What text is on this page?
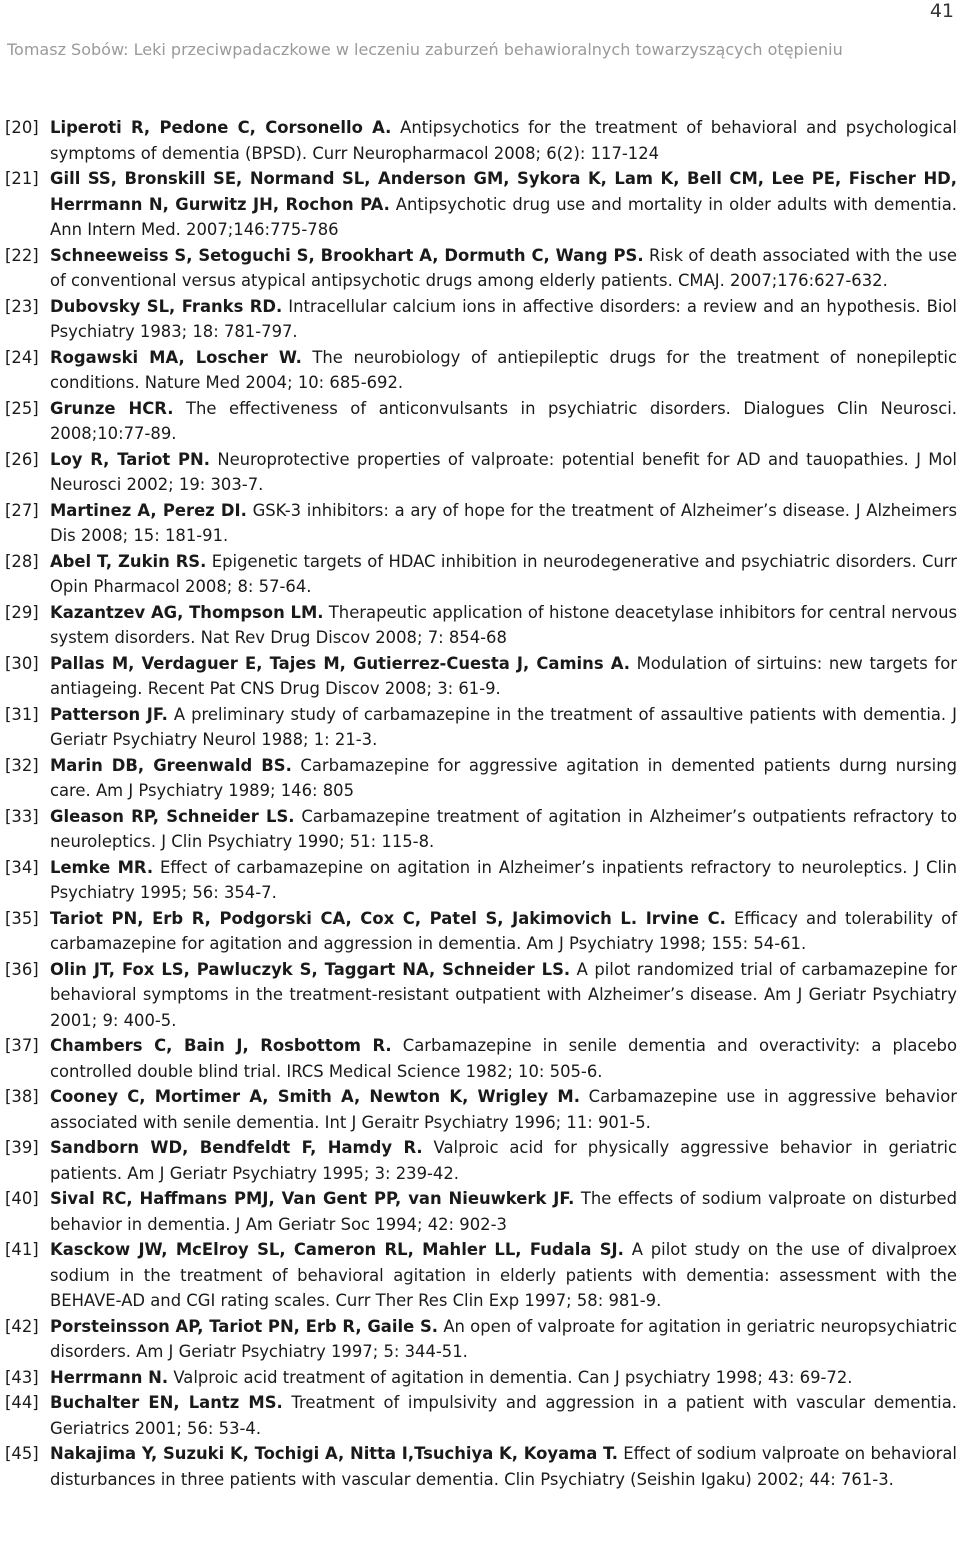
41
Tomasz Sobów: Leki przeciwpadaczkowe w leczeniu zaburzeń behawioralnych towarzyszących otępieniu
[20] Liperoti R, Pedone C, Corsonello A. Antipsychotics for the treatment of behavioral and psychological symptoms of dementia (BPSD). Curr Neuropharmacol 2008; 6(2): 117-124
[21] Gill SS, Bronskill SE, Normand SL, Anderson GM, Sykora K, Lam K, Bell CM, Lee PE, Fischer HD, Herrmann N, Gurwitz JH, Rochon PA. Antipsychotic drug use and mortality in older adults with dementia. Ann Intern Med. 2007;146:775-786
[22] Schneeweiss S, Setoguchi S, Brookhart A, Dormuth C, Wang PS. Risk of death associated with the use of conventional versus atypical antipsychotic drugs among elderly patients. CMAJ. 2007;176:627-632.
[23] Dubovsky SL, Franks RD. Intracellular calcium ions in affective disorders: a review and an hypothesis. Biol Psychiatry 1983; 18: 781-797.
[24] Rogawski MA, Loscher W. The neurobiology of antiepileptic drugs for the treatment of nonepileptic conditions. Nature Med 2004; 10: 685-692.
[25] Grunze HCR. The effectiveness of anticonvulsants in psychiatric disorders. Dialogues Clin Neurosci. 2008;10:77-89.
[26] Loy R, Tariot PN. Neuroprotective properties of valproate: potential benefit for AD and tauopathies. J Mol Neurosci 2002; 19: 303-7.
[27] Martinez A, Perez DI. GSK-3 inhibitors: a ary of hope for the treatment of Alzheimer’s disease. J Alzheimers Dis 2008; 15: 181-91.
[28] Abel T, Zukin RS. Epigenetic targets of HDAC inhibition in neurodegenerative and psychiatric disorders. Curr Opin Pharmacol 2008; 8: 57-64.
[29] Kazantzev AG, Thompson LM. Therapeutic application of histone deacetylase inhibitors for central nervous system disorders. Nat Rev Drug Discov 2008; 7: 854-68
[30] Pallas M, Verdaguer E, Tajes M, Gutierrez-Cuesta J, Camins A. Modulation of sirtuins: new targets for antiageing. Recent Pat CNS Drug Discov 2008; 3: 61-9.
[31] Patterson JF. A preliminary study of carbamazepine in the treatment of assaultive patients with dementia. J Geriatr Psychiatry Neurol 1988; 1: 21-3.
[32] Marin DB, Greenwald BS. Carbamazepine for aggressive agitation in demented patients durng nursing care. Am J Psychiatry 1989; 146: 805
[33] Gleason RP, Schneider LS. Carbamazepine treatment of agitation in Alzheimer’s outpatients refractory to neuroleptics. J Clin Psychiatry 1990; 51: 115-8.
[34] Lemke MR. Effect of carbamazepine on agitation in Alzheimer’s inpatients refractory to neuroleptics. J Clin Psychiatry 1995; 56: 354-7.
[35] Tariot PN, Erb R, Podgorski CA, Cox C, Patel S, Jakimovich L. Irvine C. Efficacy and tolerability of carbamazepine for agitation and aggression in dementia. Am J Psychiatry 1998; 155: 54-61.
[36] Olin JT, Fox LS, Pawluczyk S, Taggart NA, Schneider LS. A pilot randomized trial of carbamazepine for behavioral symptoms in the treatment-resistant outpatient with Alzheimer’s disease. Am J Geriatr Psychiatry 2001; 9: 400-5.
[37] Chambers C, Bain J, Rosbottom R. Carbamazepine in senile dementia and overactivity: a placebo controlled double blind trial. IRCS Medical Science 1982; 10: 505-6.
[38] Cooney C, Mortimer A, Smith A, Newton K, Wrigley M. Carbamazepine use in aggressive behavior associated with senile dementia. Int J Geraitr Psychiatry 1996; 11: 901-5.
[39] Sandborn WD, Bendfeldt F, Hamdy R. Valproic acid for physically aggressive behavior in geriatric patients. Am J Geriatr Psychiatry 1995; 3: 239-42.
[40] Sival RC, Haffmans PMJ, Van Gent PP, van Nieuwkerk JF. The effects of sodium valproate on disturbed behavior in dementia. J Am Geriatr Soc 1994; 42: 902-3
[41] Kasckow JW, McElroy SL, Cameron RL, Mahler LL, Fudala SJ. A pilot study on the use of divalproex sodium in the treatment of behavioral agitation in elderly patients with dementia: assessment with the BEHAVE-AD and CGI rating scales. Curr Ther Res Clin Exp 1997; 58: 981-9.
[42] Porsteinsson AP, Tariot PN, Erb R, Gaile S. An open of valproate for agitation in geriatric neuropsychiatric disorders. Am J Geriatr Psychiatry 1997; 5: 344-51.
[43] Herrmann N. Valproic acid treatment of agitation in dementia. Can J psychiatry 1998; 43: 69-72.
[44] Buchalter EN, Lantz MS. Treatment of impulsivity and aggression in a patient with vascular dementia. Geriatrics 2001; 56: 53-4.
[45] Nakajima Y, Suzuki K, Tochigi A, Nitta I,Tsuchiya K, Koyama T. Effect of sodium valproate on behavioral disturbances in three patients with vascular dementia. Clin Psychiatry (Seishin Igaku) 2002; 44: 761-3.
